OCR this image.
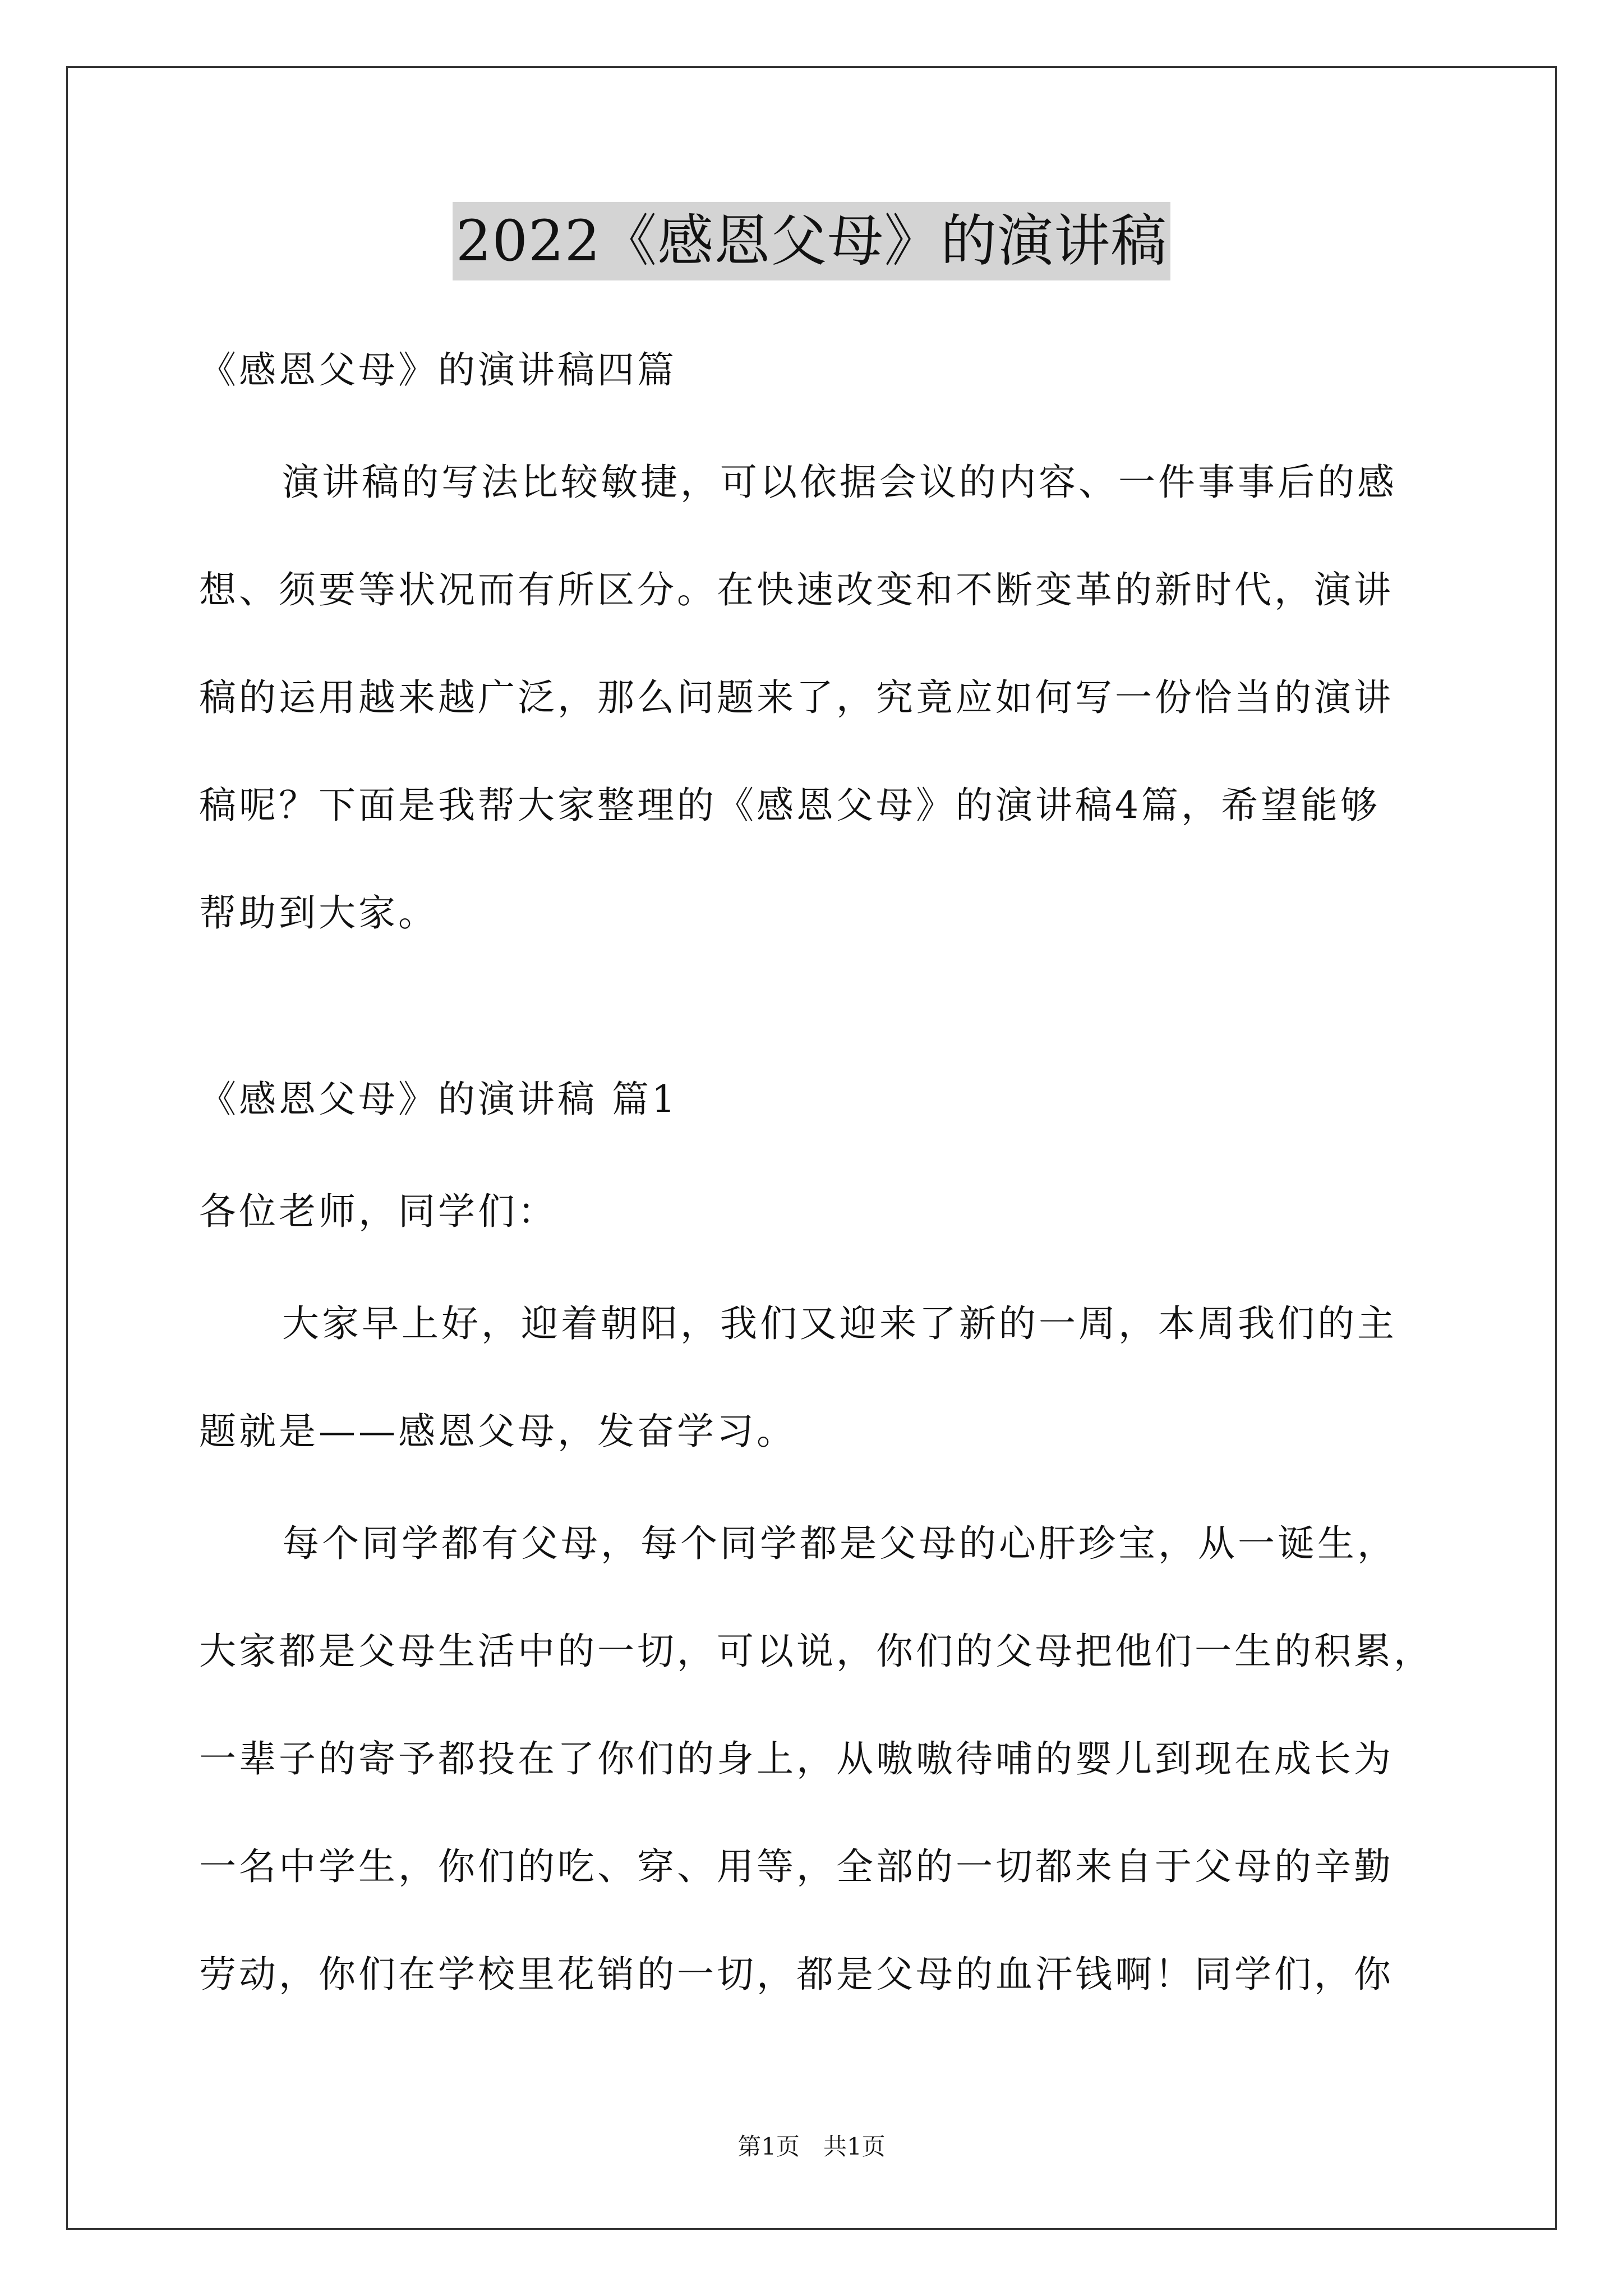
2022《感恩父母》的演讲稿
《感恩父母》的演讲稿四篇
演讲稿的写法比较敏捷，可以依据会议的内容、一件事事后的感
想、须要等状况而有所区分。在快速改变和不断变革的新时代，演讲
稿的运用越来越广泛，那么问题来了，究竟应如何写一份恰当的演讲
稿呢？下面是我帮大家整理的《感恩父母》的演讲稿4篇，希望能够
帮助到大家。
《感恩父母》的演讲稿 篇1
各位老师，同学们：
大家早上好，迎着朝阳，我们又迎来了新的一周，本周我们的主
题就是——感恩父母，发奋学习。
每个同学都有父母，每个同学都是父母的心肝珍宝，从一诞生，
大家都是父母生活中的一切，可以说，你们的父母把他们一生的积累，
一辈子的寄予都投在了你们的身上，从嗷嗷待哺的婴儿到现在成长为
一名中学生，你们的吃、穿、用等，全部的一切都来自于父母的辛勤
劳动，你们在学校里花销的一切，都是父母的血汗钱啊！同学们，你
第1页　共1页
